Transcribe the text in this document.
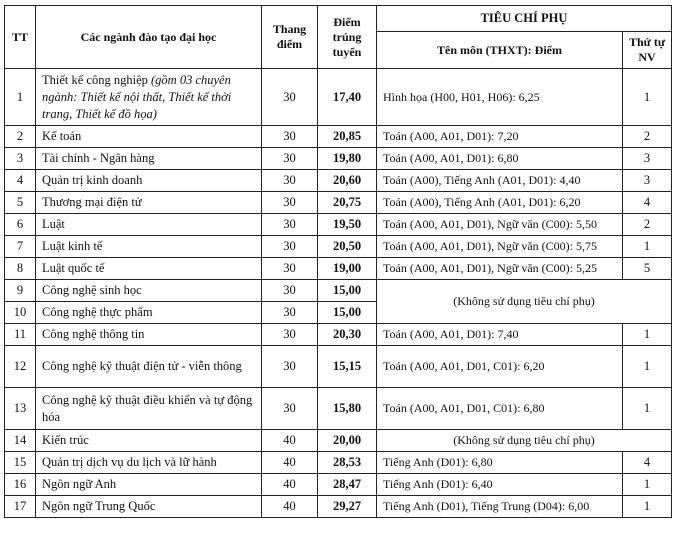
TT	Các ngành đào tạo đại học	Thang điểm	Điểm trúng tuyển	TIÊU CHÍ PHỤ	
				Tên môn (THXT): Điểm	Thứ tự NV
1	Thiết kế công nghiệp (gồm 03 chuyên ngành: Thiết kế nội thất, Thiết kế thời trang, Thiết kế đồ họa)	30	17,40	Hình họa (H00, H01, H06): 6,25	1
2	Kế toán	30	20,85	Toán (A00, A01, D01): 7,20	2
3	Tài chính - Ngân hàng	30	19,80	Toán (A00, A01, D01): 6,80	3
4	Quản trị kinh doanh	30	20,60	Toán (A00), Tiếng Anh (A01, D01): 4,40	3
5	Thương mại điện tử	30	20,75	Toán (A00), Tiếng Anh (A01, D01): 6,20	4
6	Luật	30	19,50	Toán (A00, A01, D01), Ngữ văn (C00): 5,50	2
7	Luật kinh tế	30	20,50	Toán (A00, A01, D01), Ngữ văn (C00): 5,75	1
8	Luật quốc tế	30	19,00	Toán (A00, A01, D01), Ngữ văn (C00): 5,25	5
9	Công nghệ sinh học	30	15,00	(Không sử dụng tiêu chí phụ)	
10	Công nghệ thực phẩm	30	15,00		
11	Công nghệ thông tin	30	20,30	Toán (A00, A01, D01): 7,40	1
12	Công nghệ kỹ thuật điện tử - viễn thông	30	15,15	Toán (A00, A01, D01, C01): 6,20	1
13	Công nghệ kỹ thuật điều khiển và tự động hóa	30	15,80	Toán (A00, A01, D01, C01): 6,80	1
14	Kiến trúc	40	20,00	(Không sử dụng tiêu chí phụ)	
15	Quản trị dịch vụ du lịch và lữ hành	40	28,53	Tiếng Anh (D01): 6,80	4
16	Ngôn ngữ Anh	40	28,47	Tiếng Anh (D01): 6,40	1
17	Ngôn ngữ Trung Quốc	40	29,27	Tiếng Anh (D01), Tiếng Trung (D04): 6,00	1
